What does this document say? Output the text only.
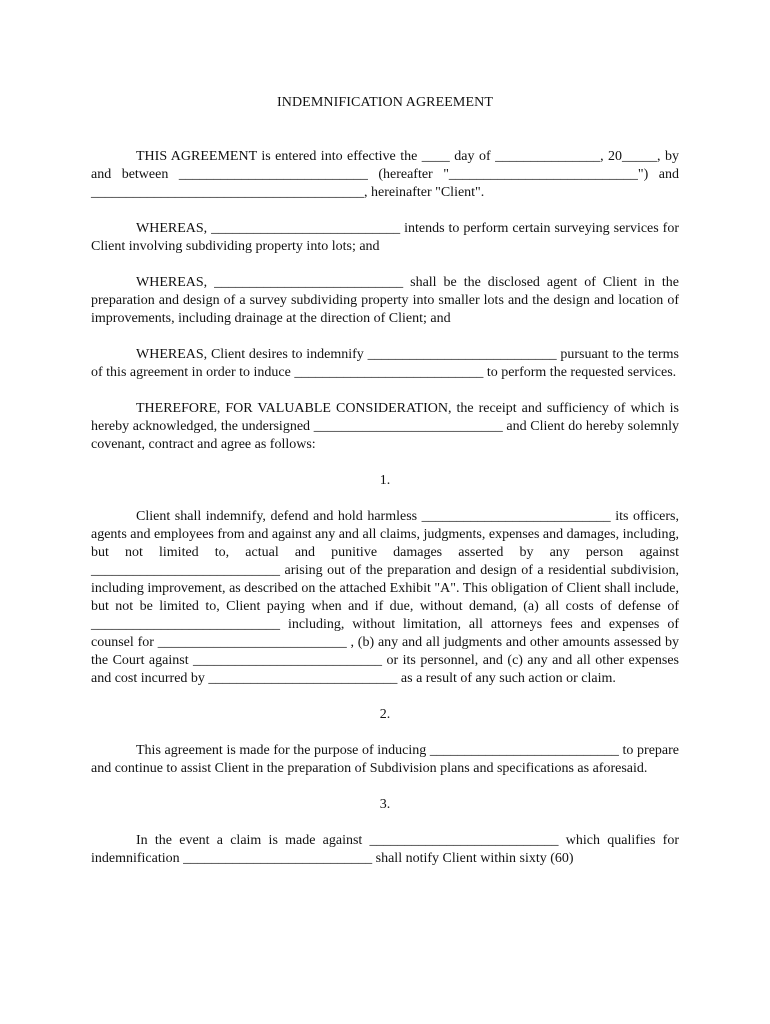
INDEMNIFICATION AGREEMENT

THIS AGREEMENT is entered into effective the ____ day of _______________, 20_____, by and between ___________________________ (hereafter "___________________________") and _______________________________________, hereinafter "Client".

WHEREAS, ___________________________ intends to perform certain surveying services for Client involving subdividing property into lots; and

WHEREAS, ___________________________ shall be the disclosed agent of Client in the preparation and design of a survey subdividing property into smaller lots and the design and location of improvements, including drainage at the direction of Client; and

WHEREAS, Client desires to indemnify ___________________________ pursuant to the terms of this agreement in order to induce ___________________________ to perform the requested services.

THEREFORE, FOR VALUABLE CONSIDERATION, the receipt and sufficiency of which is hereby acknowledged, the undersigned ___________________________ and Client do hereby solemnly covenant, contract and agree as follows:

1.

Client shall indemnify, defend and hold harmless ___________________________ its officers, agents and employees from and against any and all claims, judgments, expenses and damages, including, but not limited to, actual and punitive damages asserted by any person against ___________________________ arising out of the preparation and design of a residential subdivision, including improvement, as described on the attached Exhibit "A". This obligation of Client shall include, but not be limited to, Client paying when and if due, without demand, (a) all costs of defense of ___________________________ including, without limitation, all attorneys fees and expenses of counsel for ___________________________ , (b) any and all judgments and other amounts assessed by the Court against ___________________________ or its personnel, and (c) any and all other expenses and cost incurred by ___________________________ as a result of any such action or claim.

2.

This agreement is made for the purpose of inducing ___________________________ to prepare and continue to assist Client in the preparation of Subdivision plans and specifications as aforesaid.

3.

In the event a claim is made against ___________________________ which qualifies for indemnification ___________________________ shall notify Client within sixty (60)
